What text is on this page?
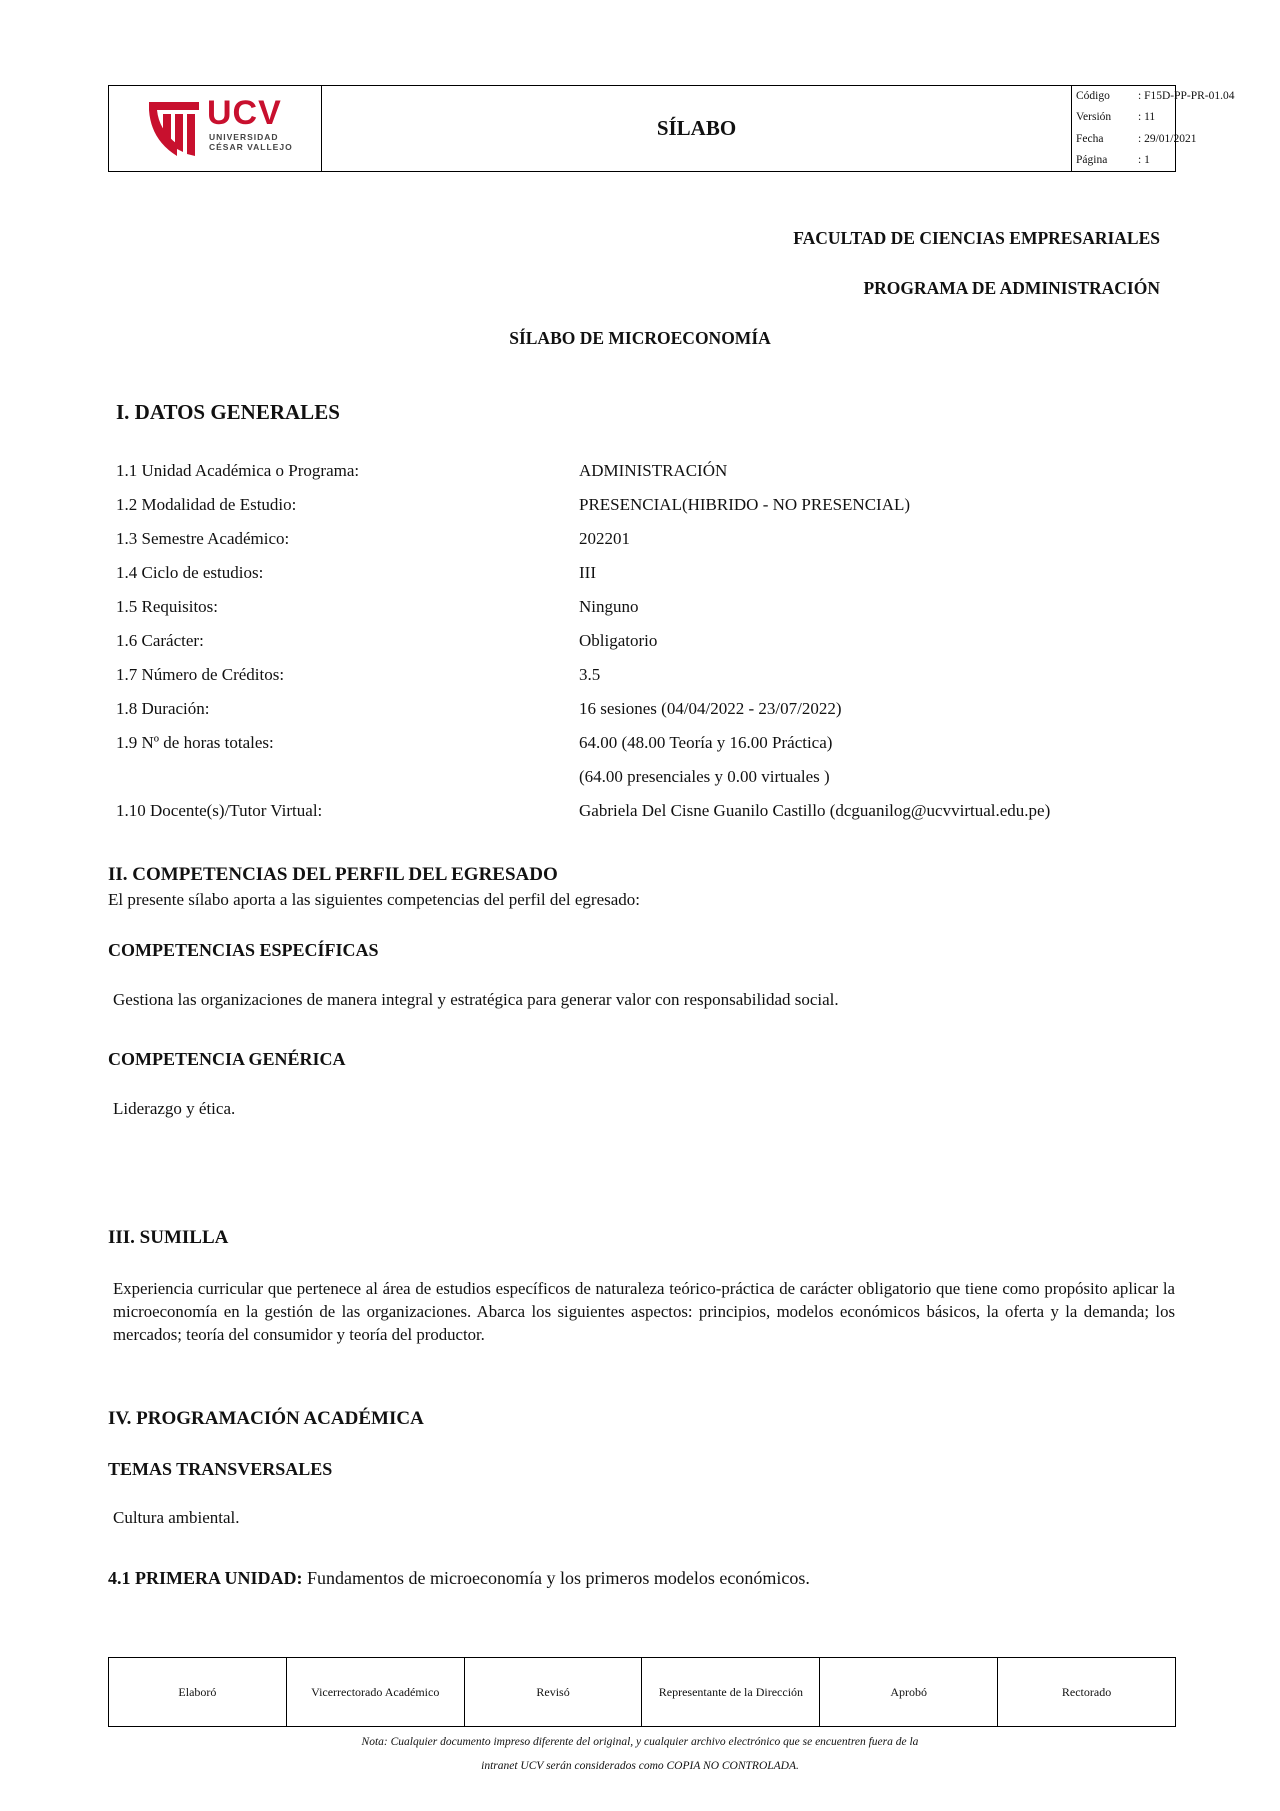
UCV
UNIVERSIDAD
CÉSAR VALLEJO
SÍLABO
Código : F15D-PP-PR-01.04
Versión : 11
Fecha	: 29/01/2021
Página	: 1
FACULTAD DE CIENCIAS EMPRESARIALES
PROGRAMA DE ADMINISTRACIÓN
SÍLABO DE MICROECONOMÍA
I. DATOS GENERALES
1.1 Unidad Académica o Programa:	ADMINISTRACIÓN
1.2 Modalidad de Estudio:	PRESENCIAL(HIBRIDO - NO PRESENCIAL)
1.3 Semestre Académico:	202201
1.4 Ciclo de estudios:	III
1.5 Requisitos:	Ninguno
1.6 Carácter:	Obligatorio
1.7 Número de Créditos:	3.5
1.8 Duración:	16 sesiones (04/04/2022 - 23/07/2022)
1.9 Nº de horas totales:	64.00 (48.00 Teoría y 16.00 Práctica)
(64.00 presenciales y 0.00 virtuales )
1.10 Docente(s)/Tutor Virtual:	Gabriela Del Cisne Guanilo Castillo (dcguanilog@ucvvirtual.edu.pe)
II. COMPETENCIAS DEL PERFIL DEL EGRESADO
El presente sílabo aporta a las siguientes competencias del perfil del egresado:
COMPETENCIAS ESPECÍFICAS
Gestiona las organizaciones de manera integral y estratégica para generar valor con responsabilidad social.
COMPETENCIA GENÉRICA
Liderazgo y ética.
III. SUMILLA
Experiencia curricular que pertenece al área de estudios específicos de naturaleza teórico-práctica de carácter obligatorio que tiene como propósito aplicar la microeconomía en la gestión de las organizaciones. Abarca los siguientes aspectos: principios, modelos económicos básicos, la oferta y la demanda; los mercados; teoría del consumidor y teoría del productor.
IV. PROGRAMACIÓN ACADÉMICA
TEMAS TRANSVERSALES
Cultura ambiental.
4.1 PRIMERA UNIDAD: Fundamentos de microeconomía y los primeros modelos económicos.
Elaboró	Vicerrectorado Académico	Revisó	Representante de la Dirección	Aprobó	Rectorado
Nota: Cualquier documento impreso diferente del original, y cualquier archivo electrónico que se encuentren fuera de la
intranet UCV serán considerados como COPIA NO CONTROLADA.
